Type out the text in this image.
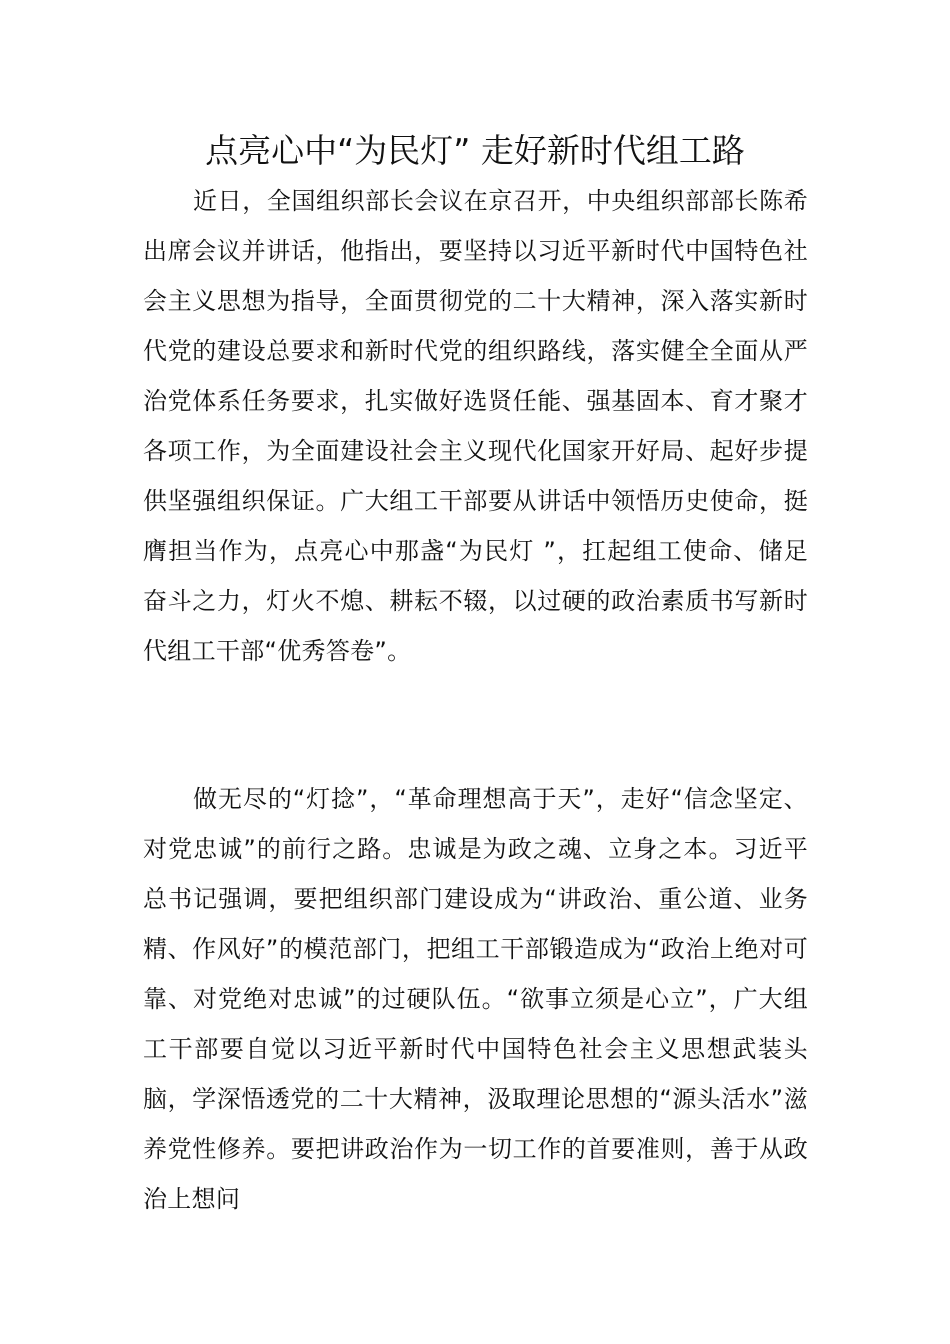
点亮心中“为民灯” 走好新时代组工路

近日，全国组织部长会议在京召开，中央组织部部长陈希出席会议并讲话，他指出，要坚持以习近平新时代中国特色社会主义思想为指导，全面贯彻党的二十大精神，深入落实新时代党的建设总要求和新时代党的组织路线，落实健全全面从严治党体系任务要求，扎实做好选贤任能、强基固本、育才聚才各项工作，为全面建设社会主义现代化国家开好局、起好步提供坚强组织保证。广大组工干部要从讲话中领悟历史使命，挺膺担当作为，点亮心中那盏“为民灯 ”，扛起组工使命、储足奋斗之力，灯火不熄、耕耘不辍，以过硬的政治素质书写新时代组工干部“优秀答卷”。

做无尽的“灯捻”，“革命理想高于天”，走好“信念坚定、对党忠诚”的前行之路。忠诚是为政之魂、立身之本。习近平总书记强调，要把组织部门建设成为“讲政治、重公道、业务精、作风好”的模范部门，把组工干部锻造成为“政治上绝对可靠、对党绝对忠诚”的过硬队伍。“欲事立须是心立”，广大组工干部要自觉以习近平新时代中国特色社会主义思想武装头脑，学深悟透党的二十大精神，汲取理论思想的“源头活水”滋养党性修养。要把讲政治作为一切工作的首要准则，善于从政治上想问
